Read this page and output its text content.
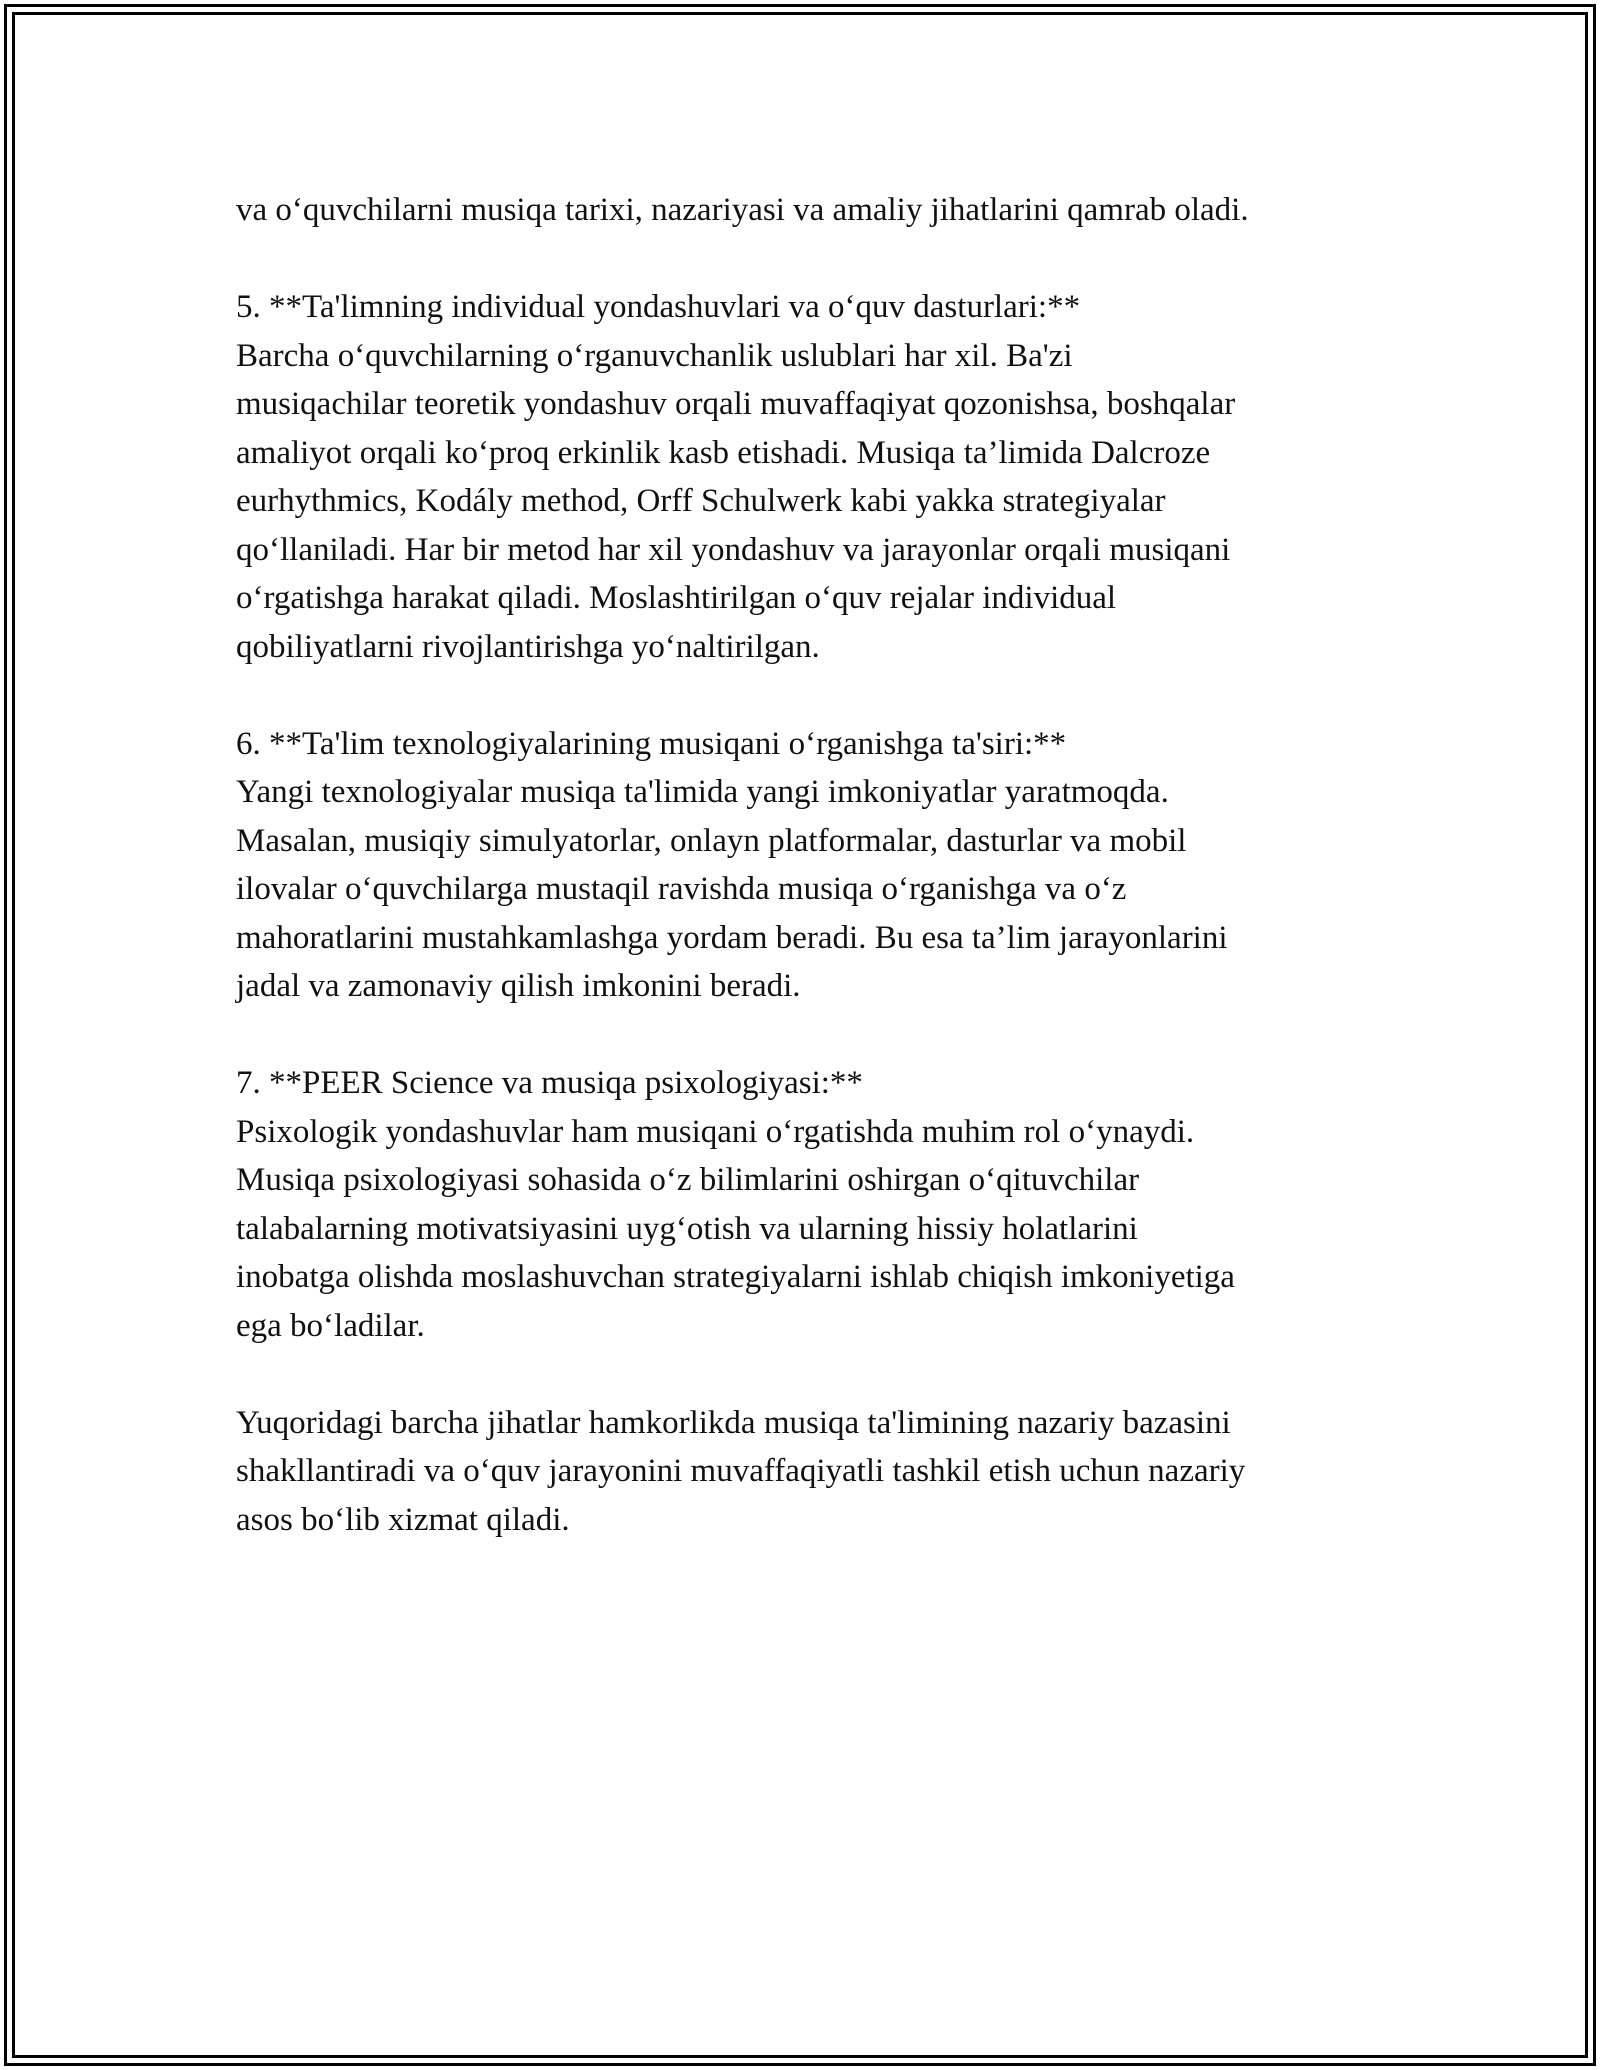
va o‘quvchilarni musiqa tarixi, nazariyasi va amaliy jihatlarini qamrab oladi.
5. **Ta'limning individual yondashuvlari va o‘quv dasturlari:**
Barcha o‘quvchilarning o‘rganuvchanlik uslublari har xil. Ba'zi
musiqachilar teoretik yondashuv orqali muvaffaqiyat qozonishsa, boshqalar
amaliyot orqali ko‘proq erkinlik kasb etishadi. Musiqa ta’limida Dalcroze
eurhythmics, Kodály method, Orff Schulwerk kabi yakka strategiyalar
qo‘llaniladi. Har bir metod har xil yondashuv va jarayonlar orqali musiqani
o‘rgatishga harakat qiladi. Moslashtirilgan o‘quv rejalar individual
qobiliyatlarni rivojlantirishga yo‘naltirilgan.
6. **Ta'lim texnologiyalarining musiqani o‘rganishga ta'siri:**
Yangi texnologiyalar musiqa ta'limida yangi imkoniyatlar yaratmoqda.
Masalan, musiqiy simulyatorlar, onlayn platformalar, dasturlar va mobil
ilovalar o‘quvchilarga mustaqil ravishda musiqa o‘rganishga va o‘z
mahoratlarini mustahkamlashga yordam beradi. Bu esa ta’lim jarayonlarini
jadal va zamonaviy qilish imkonini beradi.
7. **PEER Science va musiqa psixologiyasi:**
Psixologik yondashuvlar ham musiqani o‘rgatishda muhim rol o‘ynaydi.
Musiqa psixologiyasi sohasida o‘z bilimlarini oshirgan o‘qituvchilar
talabalarning motivatsiyasini uyg‘otish va ularning hissiy holatlarini
inobatga olishda moslashuvchan strategiyalarni ishlab chiqish imkoniyetiga
ega bo‘ladilar.
Yuqoridagi barcha jihatlar hamkorlikda musiqa ta'limining nazariy bazasini
shakllantiradi va o‘quv jarayonini muvaffaqiyatli tashkil etish uchun nazariy
asos bo‘lib xizmat qiladi.
